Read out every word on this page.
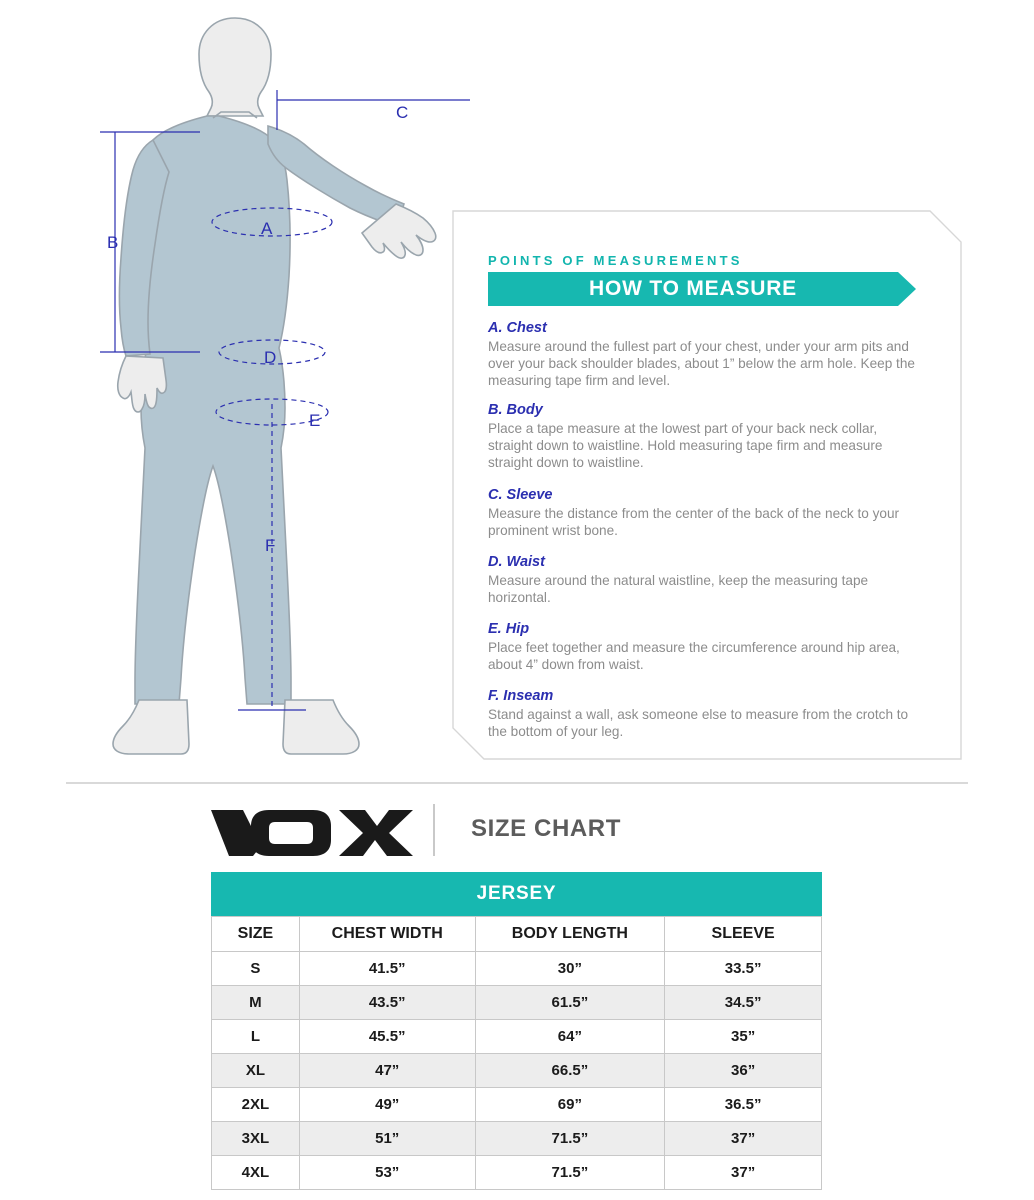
A
B
C
D
E
F
POINTS OF MEASUREMENTS
HOW TO MEASURE
A. Chest
Measure around the fullest part of your chest, under your arm pits and over your back shoulder blades, about 1” below the arm hole. Keep the measuring tape firm and level.
B. Body
Place a tape measure at the lowest part of your back neck collar, straight down to waistline. Hold measuring tape firm and measure straight down to waistline.
C. Sleeve
Measure the distance from the center of the back of the neck to your prominent wrist bone.
D. Waist
Measure around the natural waistline, keep the measuring tape horizontal.
E. Hip
Place feet together and measure the circumference around hip area, about 4” down from waist.
F. Inseam
Stand against a wall, ask someone else to measure from the crotch to the bottom of your leg.
SIZE CHART
JERSEY
SIZE	CHEST WIDTH	BODY LENGTH	SLEEVE
S	41.5”	30”	33.5”
M	43.5”	61.5”	34.5”
L	45.5”	64”	35”
XL	47”	66.5”	36”
2XL	49”	69”	36.5”
3XL	51”	71.5”	37”
4XL	53”	71.5”	37”
